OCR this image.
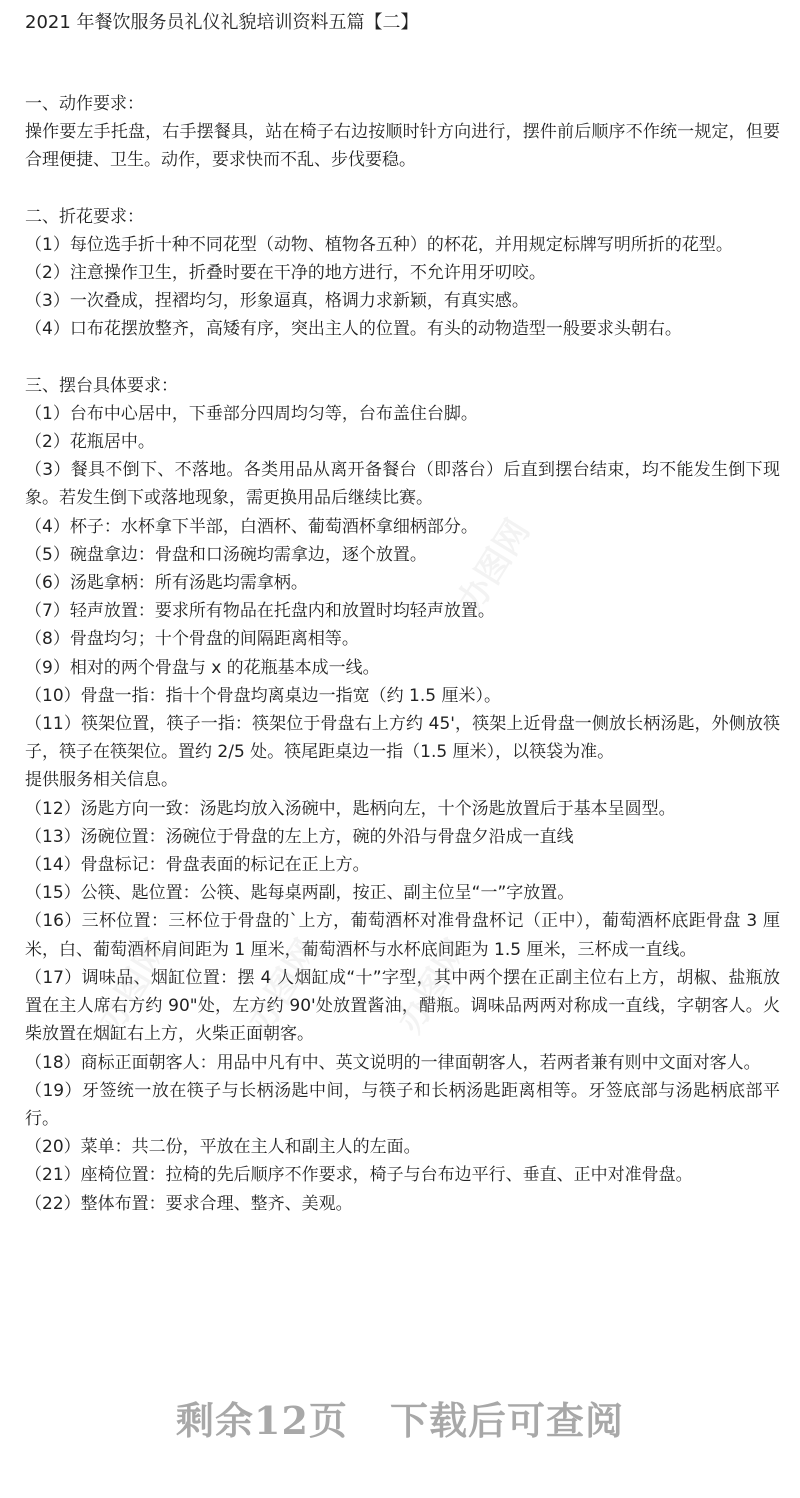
2021 年餐饮服务员礼仪礼貌培训资料五篇【二】

一、动作要求：

操作要左手托盘，右手摆餐具，站在椅子右边按顺时针方向进行，摆件前后顺序不作统一规定，但要合理便捷、卫生。动作，要求快而不乱、步伐要稳。

二、折花要求：

（1）每位选手折十种不同花型（动物、植物各五种）的杯花，并用规定标牌写明所折的花型。

（2）注意操作卫生，折叠时要在干净的地方进行，不允许用牙叨咬。

（3）一次叠成，捏褶均匀，形象逼真，格调力求新颖，有真实感。

（4）口布花摆放整齐，高矮有序，突出主人的位置。有头的动物造型一般要求头朝右。

三、摆台具体要求：

（1）台布中心居中，下垂部分四周均匀等，台布盖住台脚。

（2）花瓶居中。

（3）餐具不倒下、不落地。各类用品从离开备餐台（即落台）后直到摆台结束，均不能发生倒下现象。若发生倒下或落地现象，需更换用品后继续比赛。

（4）杯子：水杯拿下半部，白酒杯、葡萄酒杯拿细柄部分。

（5）碗盘拿边：骨盘和口汤碗均需拿边，逐个放置。

（6）汤匙拿柄：所有汤匙均需拿柄。

（7）轻声放置：要求所有物品在托盘内和放置时均轻声放置。

（8）骨盘均匀；十个骨盘的间隔距离相等。

（9）相对的两个骨盘与 x 的花瓶基本成一线。

（10）骨盘一指：指十个骨盘均离桌边一指宽（约 1.5 厘米）。

（11）筷架位置，筷子一指：筷架位于骨盘右上方约 45'，筷架上近骨盘一侧放长柄汤匙，外侧放筷子，筷子在筷架位。置约 2/5 处。筷尾距桌边一指（1.5 厘米），以筷袋为准。

提供服务相关信息。

（12）汤匙方向一致：汤匙均放入汤碗中，匙柄向左，十个汤匙放置后于基本呈圆型。

（13）汤碗位置：汤碗位于骨盘的左上方，碗的外沿与骨盘夕沿成一直线

（14）骨盘标记：骨盘表面的标记在正上方。

（15）公筷、匙位置：公筷、匙每桌两副，按正、副主位呈“一”字放置。

（16）三杯位置：三杯位于骨盘的`上方，葡萄酒杯对准骨盘杯记（正中），葡萄酒杯底距骨盘 3 厘米，白、葡萄酒杯肩间距为 1 厘米，葡萄酒杯与水杯底间距为 1.5 厘米，三杯成一直线。

（17）调味品、烟缸位置：摆 4 人烟缸成“十”字型，其中两个摆在正副主位右上方，胡椒、盐瓶放置在主人席右方约 90"处，左方约 90'处放置酱油，醋瓶。调味品两两对称成一直线，字朝客人。火柴放置在烟缸右上方，火柴正面朝客。

（18）商标正面朝客人：用品中凡有中、英文说明的一律面朝客人，若两者兼有则中文面对客人。

（19）牙签统一放在筷子与长柄汤匙中间，与筷子和长柄汤匙距离相等。牙签底部与汤匙柄底部平行。

（20）菜单：共二份，平放在主人和副主人的左面。

（21）座椅位置：拉椅的先后顺序不作要求，椅子与台布边平行、垂直、正中对准骨盘。

（22）整体布置：要求合理、整齐、美观。

办图网
办图网 办图网 办图网
剩余12页 下载后可查阅
